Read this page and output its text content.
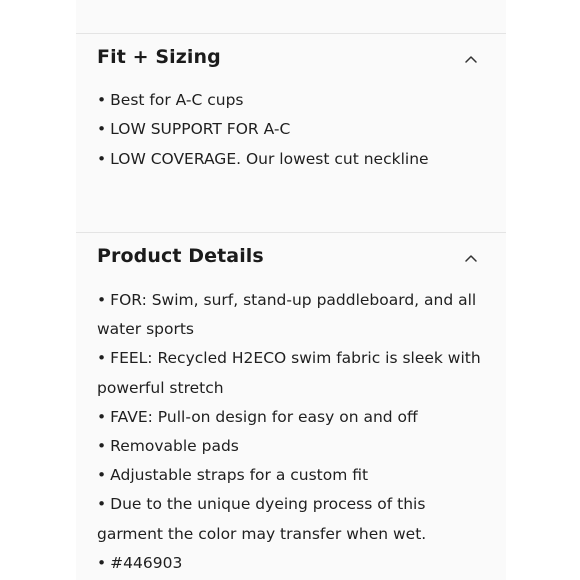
Fit + Sizing
• Best for A-C cups
• LOW SUPPORT FOR A-C
• LOW COVERAGE. Our lowest cut neckline
Product Details
• FOR: Swim, surf, stand-up paddleboard, and all water sports
• FEEL: Recycled H2ECO swim fabric is sleek with powerful stretch
• FAVE: Pull-on design for easy on and off
• Removable pads
• Adjustable straps for a custom fit
• Due to the unique dyeing process of this garment the color may transfer when wet.
• #446903
